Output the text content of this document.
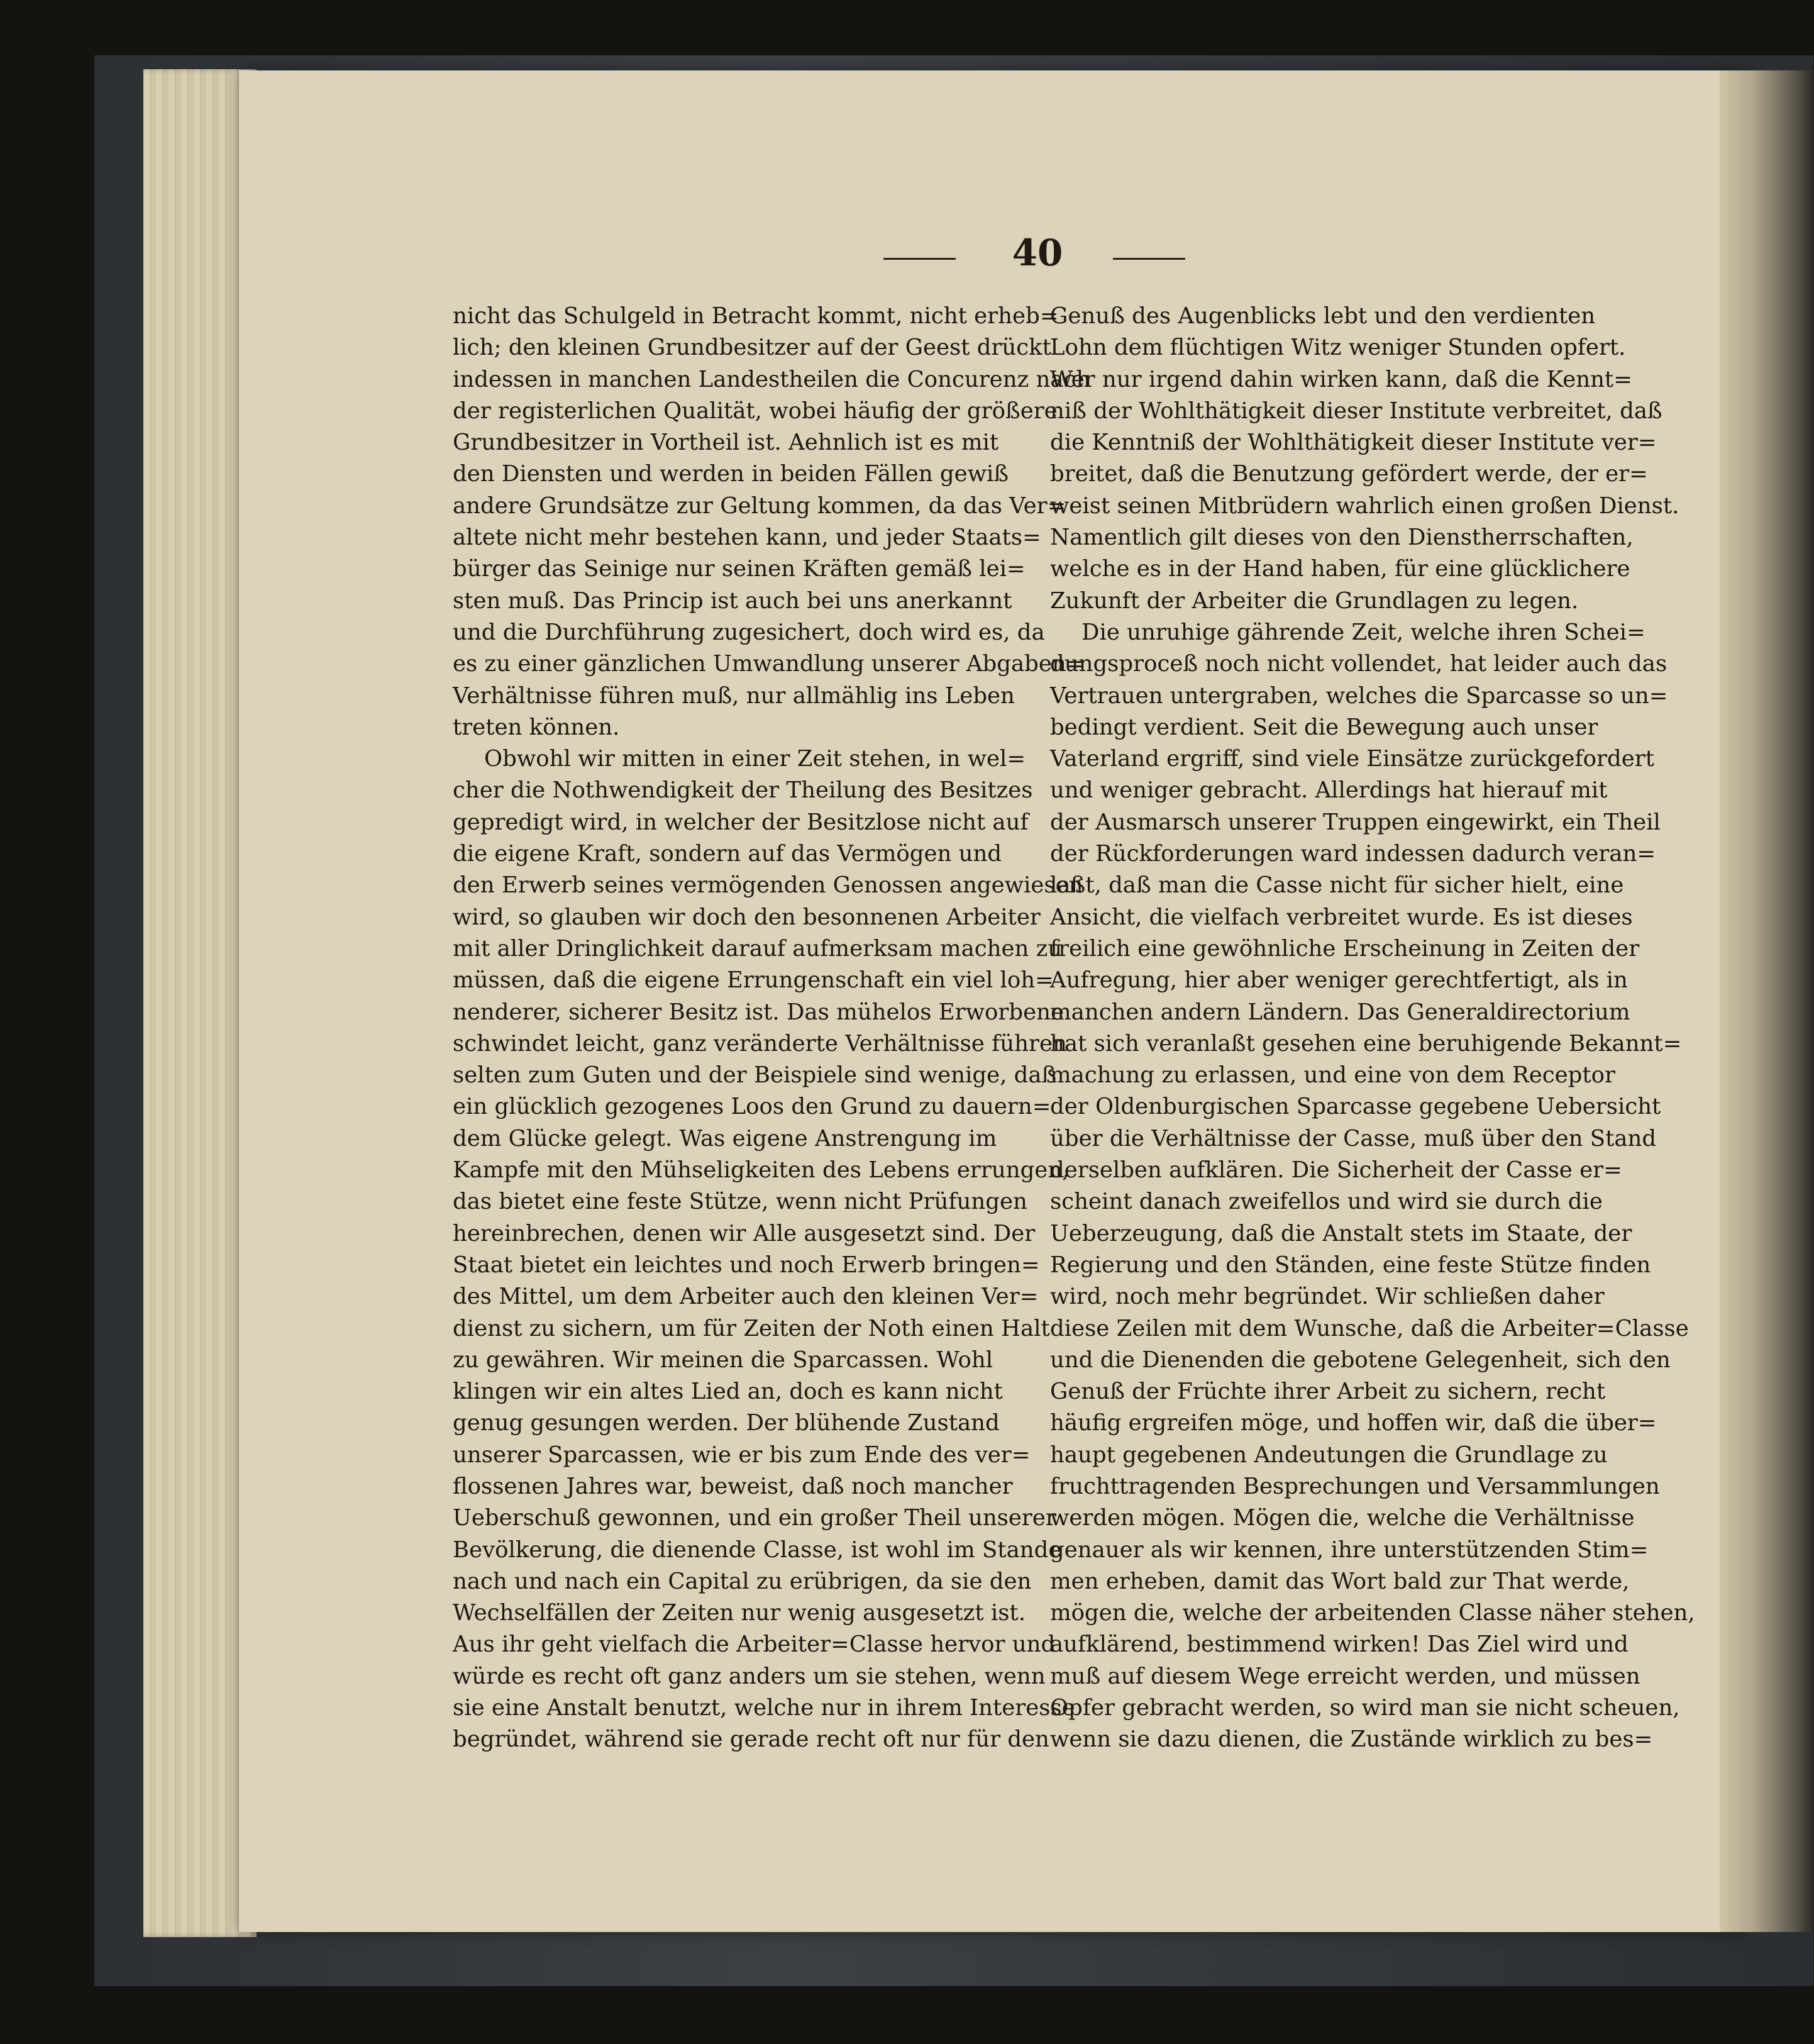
40
nicht das Schulgeld in Betracht kommt, nicht erheb=
lich; den kleinen Grundbesitzer auf der Geest drückt
indessen in manchen Landestheilen die Concurenz nach
der registerlichen Qualität, wobei häufig der größere
Grundbesitzer in Vortheil ist. Aehnlich ist es mit
den Diensten und werden in beiden Fällen gewiß
andere Grundsätze zur Geltung kommen, da das Ver=
altete nicht mehr bestehen kann, und jeder Staats=
bürger das Seinige nur seinen Kräften gemäß lei=
sten muß. Das Princip ist auch bei uns anerkannt
und die Durchführung zugesichert, doch wird es, da
es zu einer gänzlichen Umwandlung unserer Abgaben=
Verhältnisse führen muß, nur allmählig ins Leben
treten können.
Obwohl wir mitten in einer Zeit stehen, in wel=
cher die Nothwendigkeit der Theilung des Besitzes
gepredigt wird, in welcher der Besitzlose nicht auf
die eigene Kraft, sondern auf das Vermögen und
den Erwerb seines vermögenden Genossen angewiesen
wird, so glauben wir doch den besonnenen Arbeiter
mit aller Dringlichkeit darauf aufmerksam machen zu
müssen, daß die eigene Errungenschaft ein viel loh=
nenderer, sicherer Besitz ist. Das mühelos Erworbene
schwindet leicht, ganz veränderte Verhältnisse führen
selten zum Guten und der Beispiele sind wenige, daß
ein glücklich gezogenes Loos den Grund zu dauern=
dem Glücke gelegt. Was eigene Anstrengung im
Kampfe mit den Mühseligkeiten des Lebens errungen,
das bietet eine feste Stütze, wenn nicht Prüfungen
hereinbrechen, denen wir Alle ausgesetzt sind. Der
Staat bietet ein leichtes und noch Erwerb bringen=
des Mittel, um dem Arbeiter auch den kleinen Ver=
dienst zu sichern, um für Zeiten der Noth einen Halt
zu gewähren. Wir meinen die Sparcassen. Wohl
klingen wir ein altes Lied an, doch es kann nicht
genug gesungen werden. Der blühende Zustand
unserer Sparcassen, wie er bis zum Ende des ver=
flossenen Jahres war, beweist, daß noch mancher
Ueberschuß gewonnen, und ein großer Theil unserer
Bevölkerung, die dienende Classe, ist wohl im Stande
nach und nach ein Capital zu erübrigen, da sie den
Wechselfällen der Zeiten nur wenig ausgesetzt ist.
Aus ihr geht vielfach die Arbeiter=Classe hervor und
würde es recht oft ganz anders um sie stehen, wenn
sie eine Anstalt benutzt, welche nur in ihrem Interesse
begründet, während sie gerade recht oft nur für den
Genuß des Augenblicks lebt und den verdienten
Lohn dem flüchtigen Witz weniger Stunden opfert.
Wer nur irgend dahin wirken kann, daß die Kennt=
niß der Wohlthätigkeit dieser Institute verbreitet, daß
die Kenntniß der Wohlthätigkeit dieser Institute ver=
breitet, daß die Benutzung gefördert werde, der er=
weist seinen Mitbrüdern wahrlich einen großen Dienst.
Namentlich gilt dieses von den Dienstherrschaften,
welche es in der Hand haben, für eine glücklichere
Zukunft der Arbeiter die Grundlagen zu legen.
Die unruhige gährende Zeit, welche ihren Schei=
dungsproceß noch nicht vollendet, hat leider auch das
Vertrauen untergraben, welches die Sparcasse so un=
bedingt verdient. Seit die Bewegung auch unser
Vaterland ergriff, sind viele Einsätze zurückgefordert
und weniger gebracht. Allerdings hat hierauf mit
der Ausmarsch unserer Truppen eingewirkt, ein Theil
der Rückforderungen ward indessen dadurch veran=
laßt, daß man die Casse nicht für sicher hielt, eine
Ansicht, die vielfach verbreitet wurde. Es ist dieses
freilich eine gewöhnliche Erscheinung in Zeiten der
Aufregung, hier aber weniger gerechtfertigt, als in
manchen andern Ländern. Das Generaldirectorium
hat sich veranlaßt gesehen eine beruhigende Bekannt=
machung zu erlassen, und eine von dem Receptor
der Oldenburgischen Sparcasse gegebene Uebersicht
über die Verhältnisse der Casse, muß über den Stand
derselben aufklären. Die Sicherheit der Casse er=
scheint danach zweifellos und wird sie durch die
Ueberzeugung, daß die Anstalt stets im Staate, der
Regierung und den Ständen, eine feste Stütze finden
wird, noch mehr begründet. Wir schließen daher
diese Zeilen mit dem Wunsche, daß die Arbeiter=Classe
und die Dienenden die gebotene Gelegenheit, sich den
Genuß der Früchte ihrer Arbeit zu sichern, recht
häufig ergreifen möge, und hoffen wir, daß die über=
haupt gegebenen Andeutungen die Grundlage zu
fruchttragenden Besprechungen und Versammlungen
werden mögen. Mögen die, welche die Verhältnisse
genauer als wir kennen, ihre unterstützenden Stim=
men erheben, damit das Wort bald zur That werde,
mögen die, welche der arbeitenden Classe näher stehen,
aufklärend, bestimmend wirken! Das Ziel wird und
muß auf diesem Wege erreicht werden, und müssen
Opfer gebracht werden, so wird man sie nicht scheuen,
wenn sie dazu dienen, die Zustände wirklich zu bes=
